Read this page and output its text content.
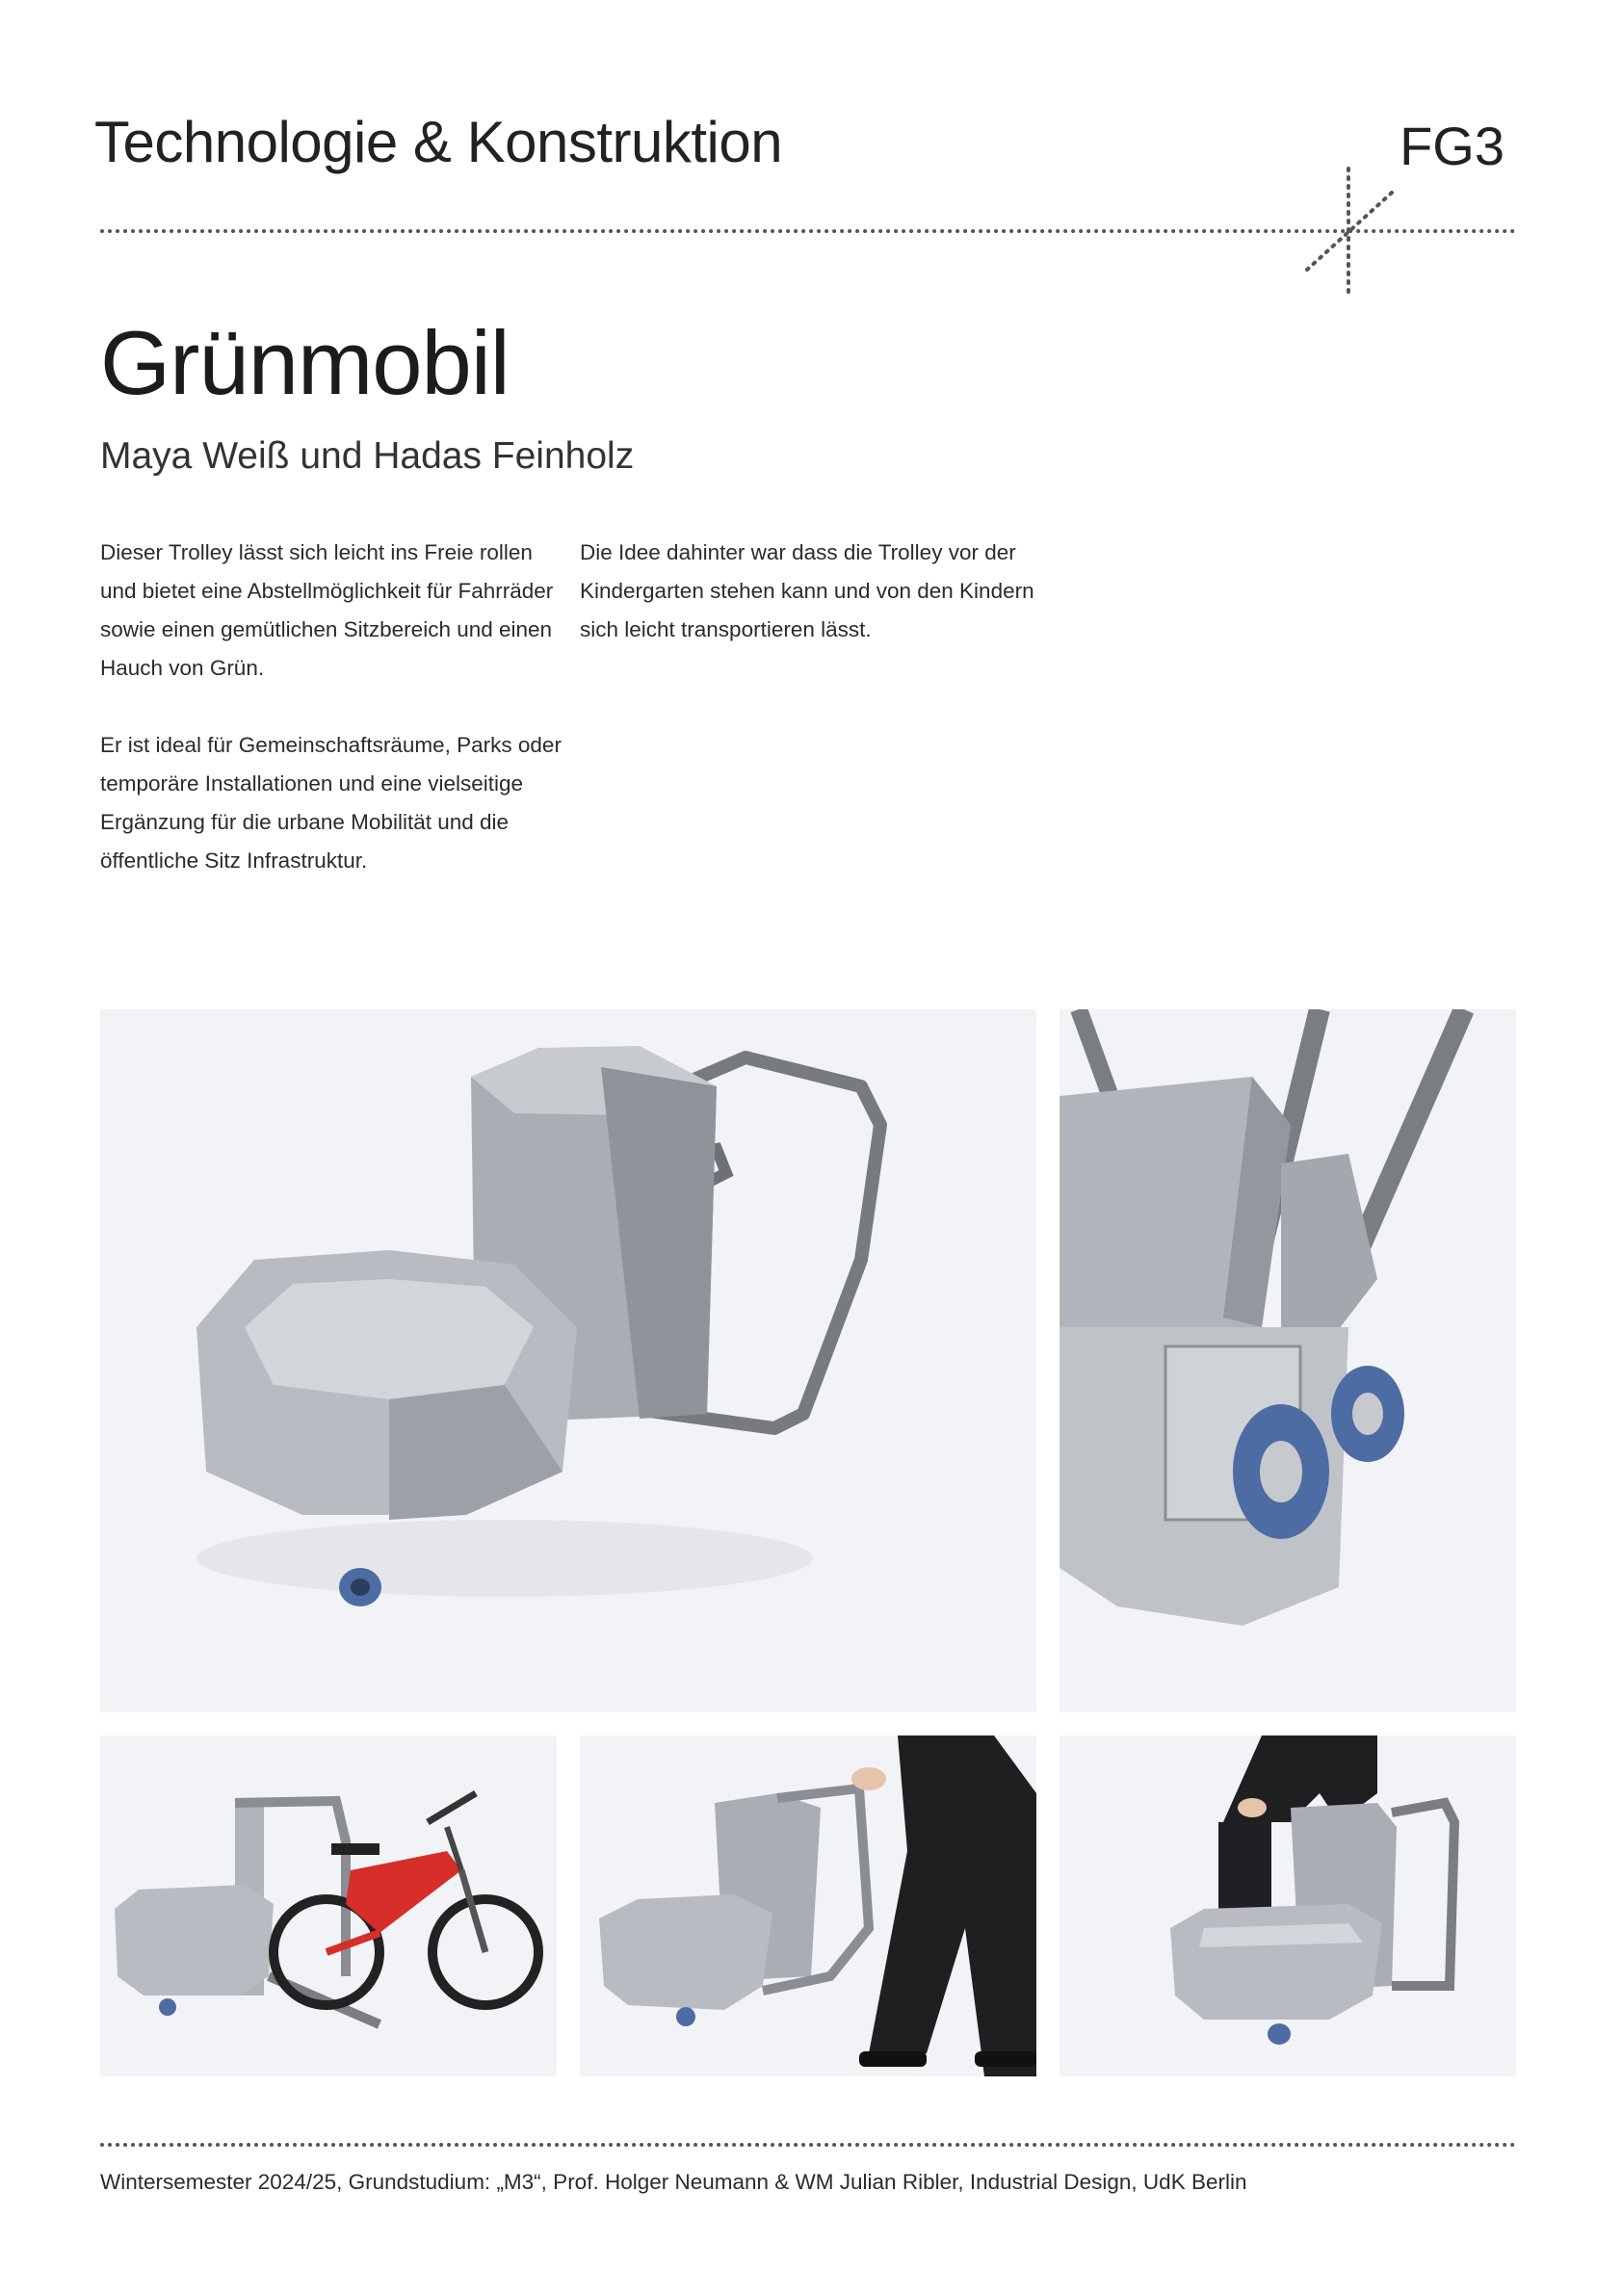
Technologie & Konstruktion	FG3
Grünmobil
Maya Weiß und Hadas Feinholz

Dieser Trolley lässt sich leicht ins Freie rollen und bietet eine Abstellmöglichkeit für Fahrräder sowie einen gemütlichen Sitzbereich und einen Hauch von Grün.

Er ist ideal für Gemeinschaftsräume, Parks oder temporäre Installationen und eine vielseitige Ergänzung für die urbane Mobilität und die öffentliche Sitz Infrastruktur.

Die Idee dahinter war dass die Trolley vor der Kindergarten stehen kann und von den Kindern sich leicht transportieren lässt.

Wintersemester 2024/25, Grundstudium: „M3“, Prof. Holger Neumann & WM Julian Ribler, Industrial Design, UdK Berlin
